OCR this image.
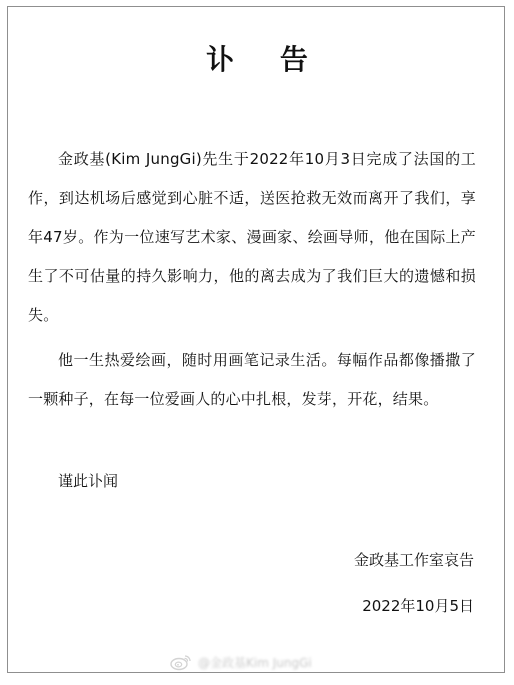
讣 告

金政基(Kim JungGi)先生于2022年10月3日完成了法国的工作，到达机场后感觉到心脏不适，送医抢救无效而离开了我们，享年47岁。作为一位速写艺术家、漫画家、绘画导师，他在国际上产生了不可估量的持久影响力，他的离去成为了我们巨大的遗憾和损失。

他一生热爱绘画，随时用画笔记录生活。每幅作品都像播撒了一颗种子，在每一位爱画人的心中扎根，发芽，开花，结果。

谨此讣闻
金政基工作室哀告
2022年10月5日
@金政基Kim JungGi
